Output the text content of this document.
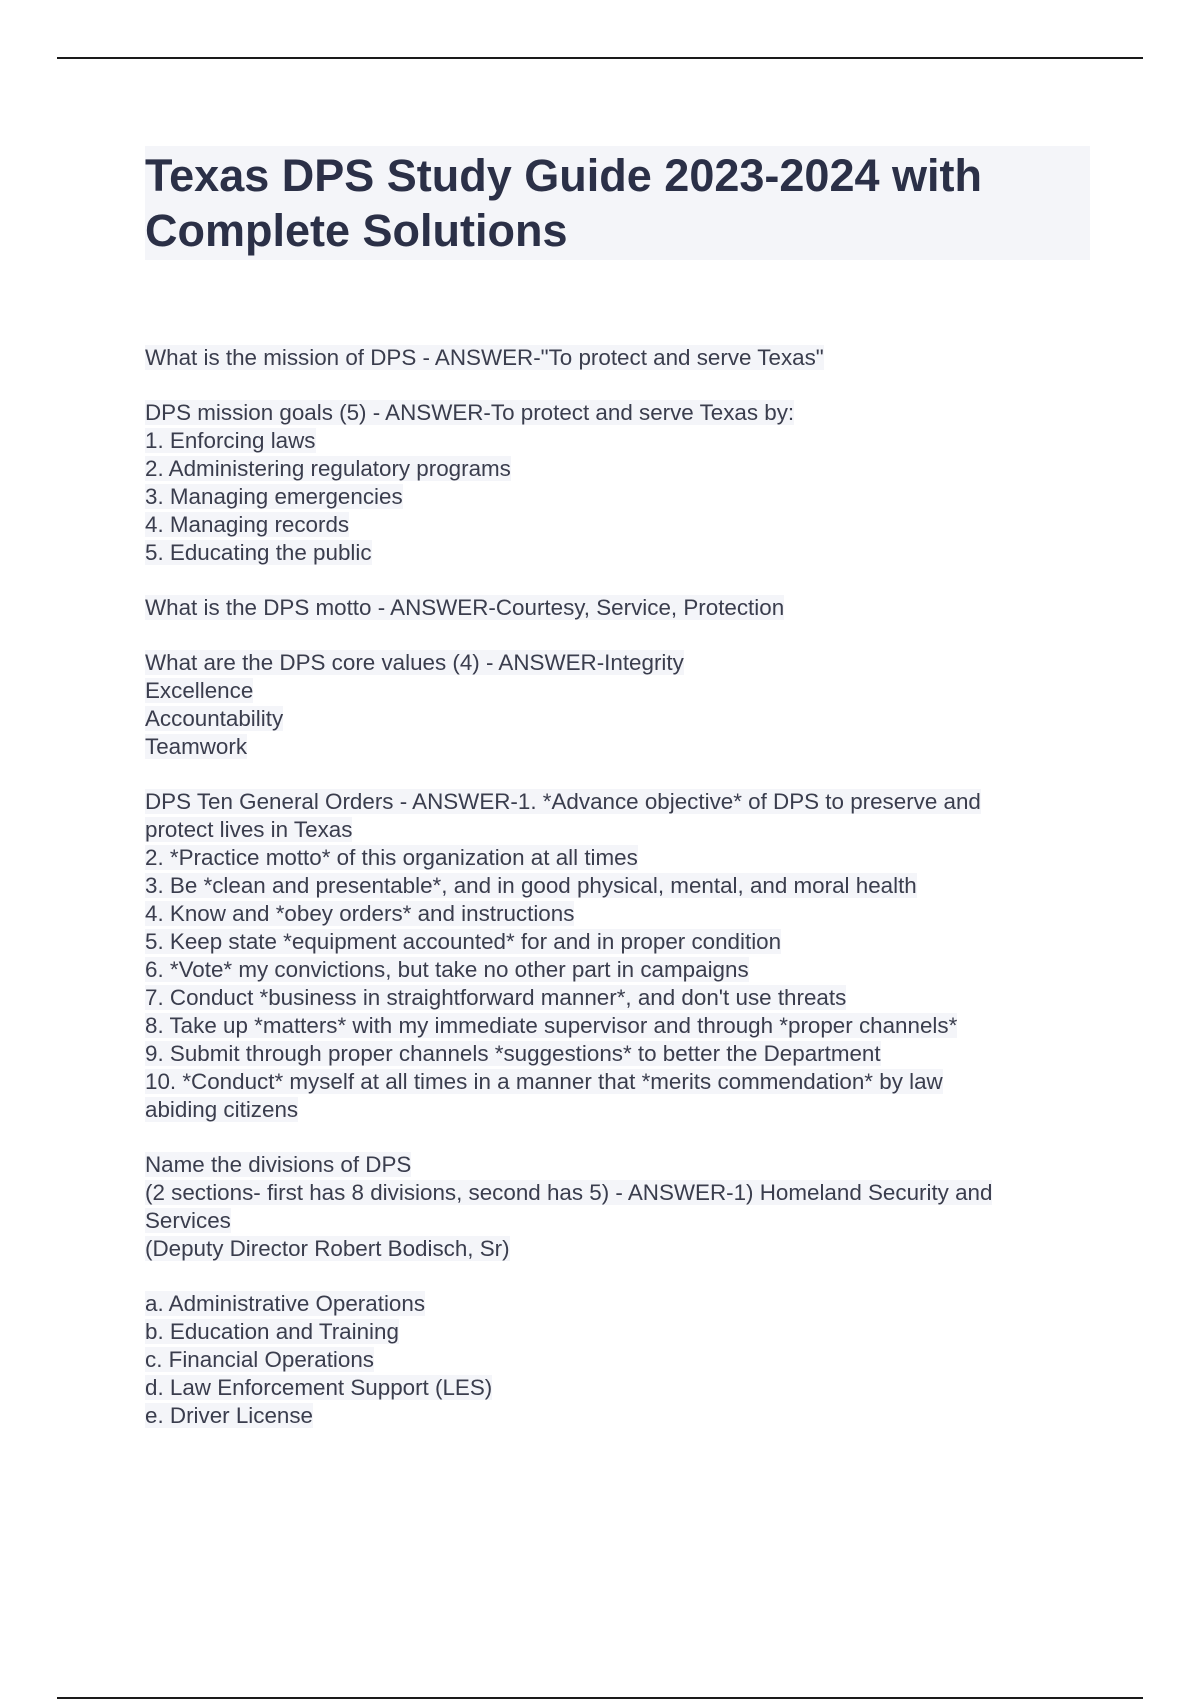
Texas DPS Study Guide 2023-2024 with Complete Solutions
What is the mission of DPS - ANSWER-"To protect and serve Texas"
DPS mission goals (5) - ANSWER-To protect and serve Texas by:
1. Enforcing laws
2. Administering regulatory programs
3. Managing emergencies
4. Managing records
5. Educating the public
What is the DPS motto - ANSWER-Courtesy, Service, Protection
What are the DPS core values (4) - ANSWER-Integrity
Excellence
Accountability
Teamwork
DPS Ten General Orders - ANSWER-1. *Advance objective* of DPS to preserve and
protect lives in Texas
2. *Practice motto* of this organization at all times
3. Be *clean and presentable*, and in good physical, mental, and moral health
4. Know and *obey orders* and instructions
5. Keep state *equipment accounted* for and in proper condition
6. *Vote* my convictions, but take no other part in campaigns
7. Conduct *business in straightforward manner*, and don't use threats
8. Take up *matters* with my immediate supervisor and through *proper channels*
9. Submit through proper channels *suggestions* to better the Department
10. *Conduct* myself at all times in a manner that *merits commendation* by law
abiding citizens
Name the divisions of DPS
(2 sections- first has 8 divisions, second has 5) - ANSWER-1) Homeland Security and
Services
(Deputy Director Robert Bodisch, Sr)
a. Administrative Operations
b. Education and Training
c. Financial Operations
d. Law Enforcement Support (LES)
e. Driver License
